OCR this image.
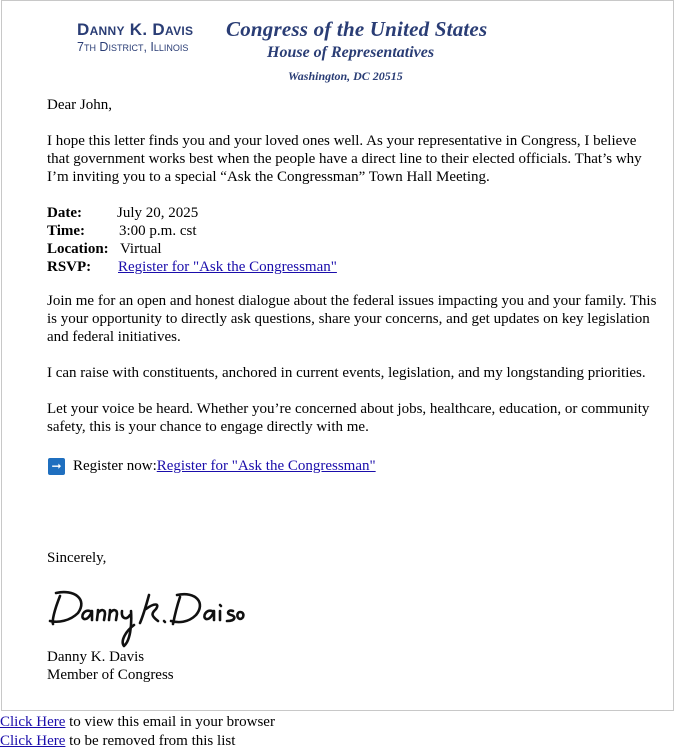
Danny K. Davis
7th District, Illinois
Congress of the United States
House of Representatives
Washington, DC 20515

Dear John,

I hope this letter finds you and your loved ones well. As your representative in Congress, I believe that government works best when the people have a direct line to their elected officials. That’s why I’m inviting you to a special “Ask the Congressman” Town Hall Meeting.

Date:	July 20, 2025
Time:	3:00 p.m. cst
Location: Virtual
RSVP:	Register for "Ask the Congressman"

Join me for an open and honest dialogue about the federal issues impacting you and your family. This is your opportunity to directly ask questions, share your concerns, and get updates on key legislation and federal initiatives.

I can raise with constituents, anchored in current events, legislation, and my longstanding priorities.

Let your voice be heard. Whether you’re concerned about jobs, healthcare, education, or community safety, this is your chance to engage directly with me.

➞ Register now: Register for "Ask the Congressman"
Sincerely,
Danny K. Davis
Member of Congress
Click Here to view this email in your browser
Click Here to be removed from this list
